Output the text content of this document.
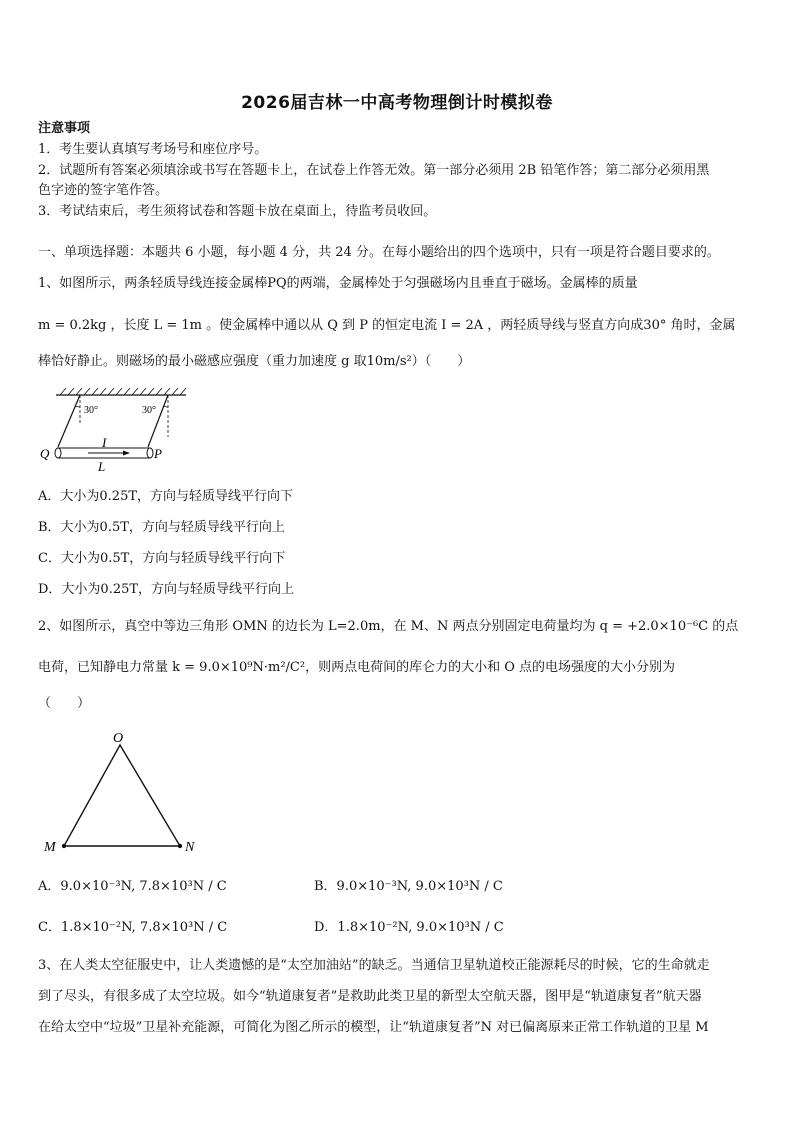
2026届吉林一中高考物理倒计时模拟卷
注意事项
1．考生要认真填写考场号和座位序号。
2．试题所有答案必须填涂或书写在答题卡上，在试卷上作答无效。第一部分必须用 2B 铅笔作答；第二部分必须用黑
色字迹的签字笔作答。
3．考试结束后，考生须将试卷和答题卡放在桌面上，待监考员收回。
一、单项选择题：本题共 6 小题，每小题 4 分，共 24 分。在每小题给出的四个选项中，只有一项是符合题目要求的。
1、如图所示，两条轻质导线连接金属棒PQ的两端，金属棒处于匀强磁场内且垂直于磁场。金属棒的质量
m = 0.2kg ，长度 L = 1m 。使金属棒中通以从 Q 到 P 的恒定电流 I = 2A ，两轻质导线与竖直方向成30° 角时，金属
棒恰好静止。则磁场的最小磁感应强度（重力加速度 g 取10m/s²）（　　）
30°	30°
I
L
Q	P
A．大小为0.25T，方向与轻质导线平行向下
B．大小为0.5T，方向与轻质导线平行向上
C．大小为0.5T，方向与轻质导线平行向下
D．大小为0.25T，方向与轻质导线平行向上
2、如图所示，真空中等边三角形 OMN 的边长为 L=2.0m，在 M、N 两点分别固定电荷量均为 q = +2.0×10⁻⁶C 的点
电荷，已知静电力常量 k = 9.0×10⁹N·m²/C²，则两点电荷间的库仑力的大小和 O 点的电场强度的大小分别为
（　　）
O
M	N
A．9.0×10⁻³N, 7.8×10³N / C	B．9.0×10⁻³N, 9.0×10³N / C
C．1.8×10⁻²N, 7.8×10³N / C	D．1.8×10⁻²N, 9.0×10³N / C
3、在人类太空征服史中，让人类遗憾的是“太空加油站”的缺乏。当通信卫星轨道校正能源耗尽的时候，它的生命就走
到了尽头，有很多成了太空垃圾。如今“轨道康复者”是救助此类卫星的新型太空航天器，图甲是“轨道康复者”航天器
在给太空中“垃圾”卫星补充能源，可简化为图乙所示的模型，让“轨道康复者”N 对已偏离原来正常工作轨道的卫星 M
